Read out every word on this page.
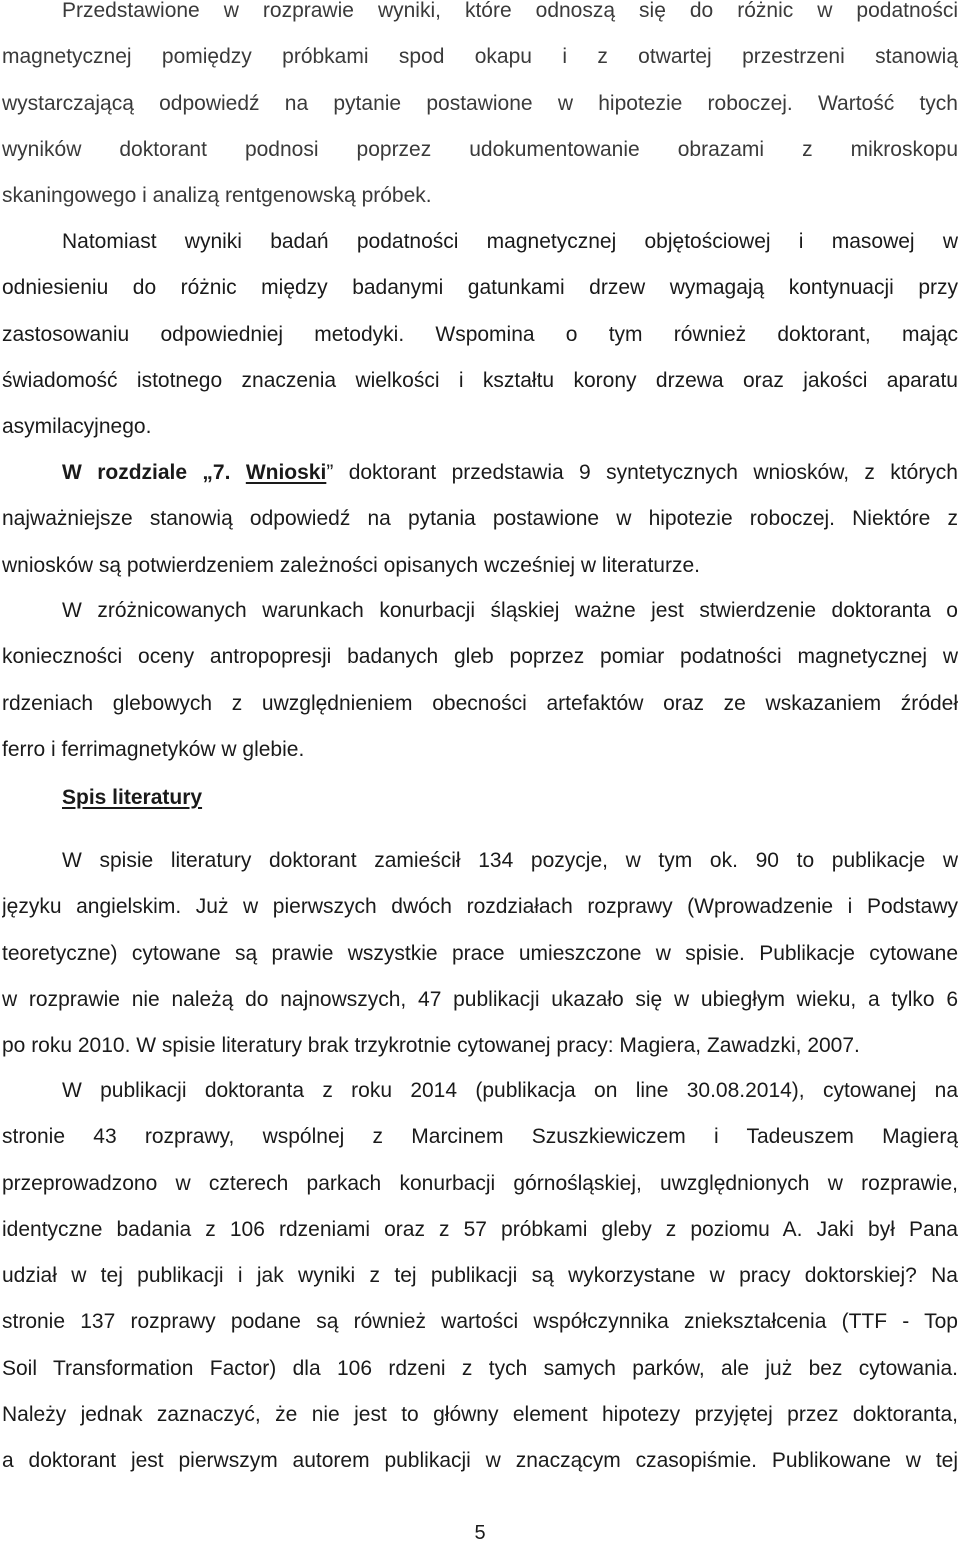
Przedstawione w rozprawie wyniki, które odnoszą się do różnic w podatności
magnetycznej pomiędzy próbkami spod okapu i z otwartej przestrzeni stanowią
wystarczającą odpowiedź na pytanie postawione w hipotezie roboczej. Wartość tych
wyników doktorant podnosi poprzez udokumentowanie obrazami z mikroskopu
skaningowego i analizą rentgenowską próbek.
Natomiast wyniki badań podatności magnetycznej objętościowej i masowej w
odniesieniu do różnic między badanymi gatunkami drzew wymagają kontynuacji przy
zastosowaniu odpowiedniej metodyki. Wspomina o tym również doktorant, mając
świadomość istotnego znaczenia wielkości i kształtu korony drzewa oraz jakości aparatu
asymilacyjnego.
W rozdziale „7. Wnioski” doktorant przedstawia 9 syntetycznych wniosków, z których
najważniejsze stanowią odpowiedź na pytania postawione w hipotezie roboczej. Niektóre z
wniosków są potwierdzeniem zależności opisanych wcześniej w literaturze.
W zróżnicowanych warunkach konurbacji śląskiej ważne jest stwierdzenie doktoranta o
konieczności oceny antropopresji badanych gleb poprzez pomiar podatności magnetycznej w
rdzeniach glebowych z uwzględnieniem obecności artefaktów oraz ze wskazaniem źródeł
ferro i ferrimagnetyków w glebie.
Spis literatury
W spisie literatury doktorant zamieścił 134 pozycje, w tym ok. 90 to publikacje w
języku angielskim. Już w pierwszych dwóch rozdziałach rozprawy (Wprowadzenie i Podstawy
teoretyczne) cytowane są prawie wszystkie prace umieszczone w spisie. Publikacje cytowane
w rozprawie nie należą do najnowszych, 47 publikacji ukazało się w ubiegłym wieku, a tylko 6
po roku 2010. W spisie literatury brak trzykrotnie cytowanej pracy: Magiera, Zawadzki, 2007.
W publikacji doktoranta z roku 2014 (publikacja on line 30.08.2014), cytowanej na
stronie 43 rozprawy, wspólnej z Marcinem Szuszkiewiczem i Tadeuszem Magierą
przeprowadzono w czterech parkach konurbacji górnośląskiej, uwzględnionych w rozprawie,
identyczne badania z 106 rdzeniami oraz z 57 próbkami gleby z poziomu A. Jaki był Pana
udział w tej publikacji i jak wyniki z tej publikacji są wykorzystane w pracy doktorskiej? Na
stronie 137 rozprawy podane są również wartości współczynnika zniekształcenia (TTF - Top
Soil Transformation Factor) dla 106 rdzeni z tych samych parków, ale już bez cytowania.
Należy jednak zaznaczyć, że nie jest to główny element hipotezy przyjętej przez doktoranta,
a doktorant jest pierwszym autorem publikacji w znaczącym czasopiśmie. Publikowane w tej
5
